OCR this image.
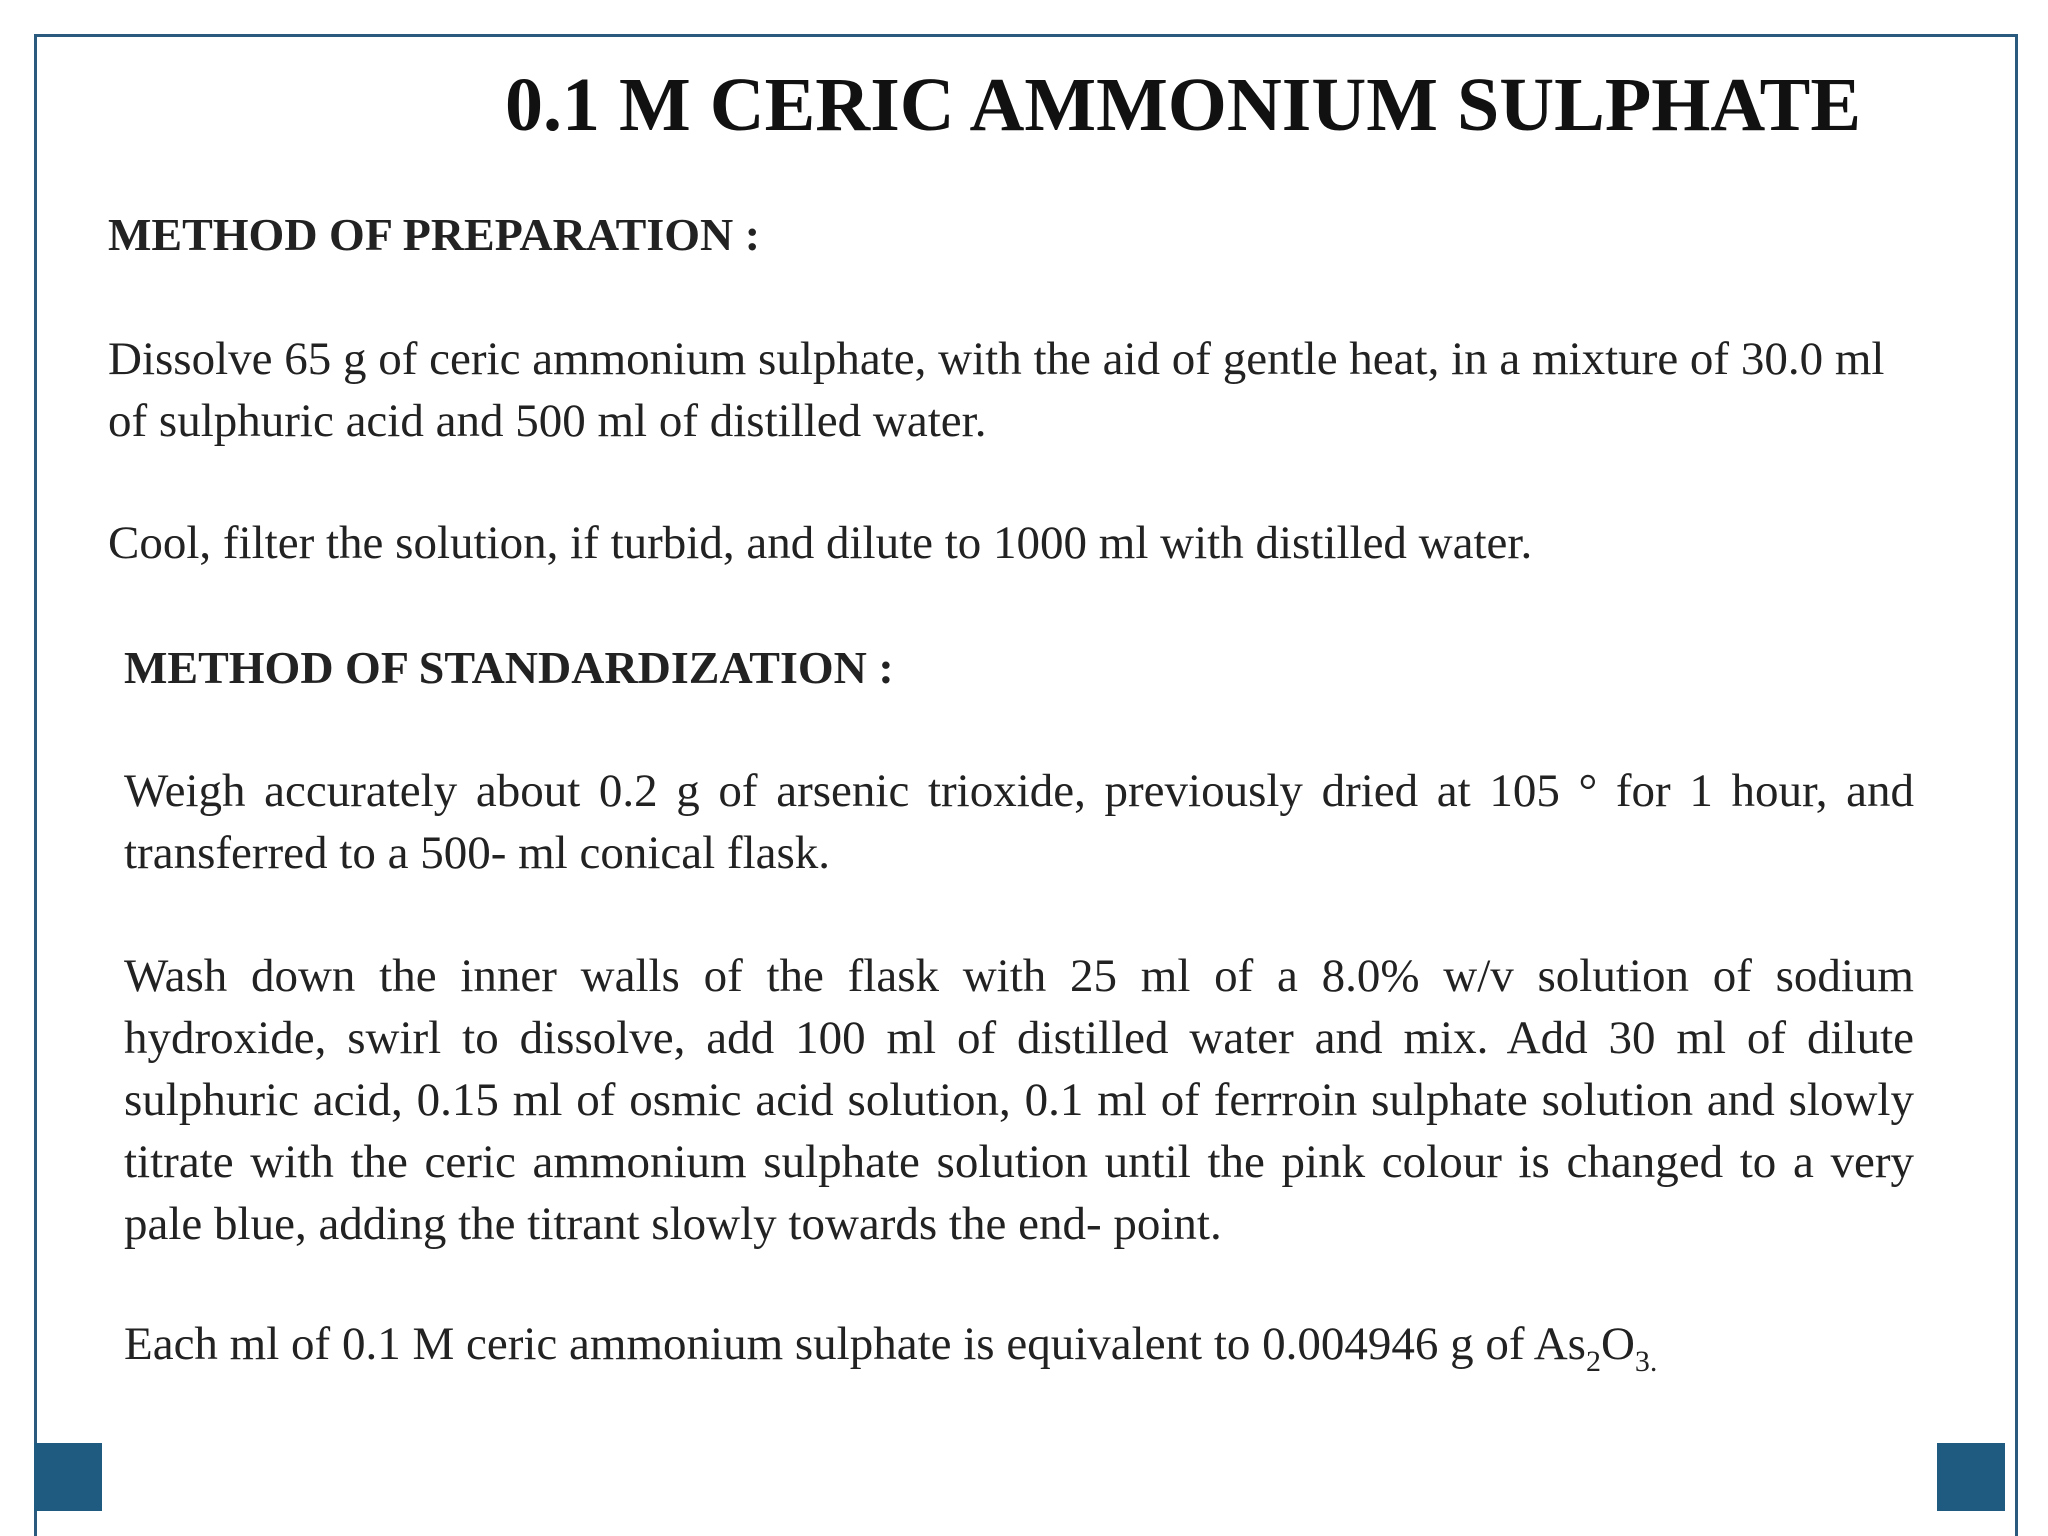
0.1 M CERIC AMMONIUM SULPHATE
METHOD OF PREPARATION :
Dissolve 65 g of ceric ammonium sulphate, with the aid of gentle heat, in a mixture of 30.0 ml of sulphuric acid and 500 ml of distilled water.
Cool, filter the solution, if turbid, and dilute to 1000 ml with distilled water.
METHOD OF STANDARDIZATION :
Weigh accurately about 0.2 g of arsenic trioxide, previously dried at 105 ° for 1 hour, and transferred to a 500- ml conical flask.
Wash down the inner walls of the flask with 25 ml of a 8.0% w/v solution of sodium hydroxide, swirl to dissolve, add 100 ml of distilled water and mix. Add 30 ml of dilute sulphuric acid, 0.15 ml of osmic acid solution, 0.1 ml of ferrroin sulphate solution and slowly titrate with the ceric ammonium sulphate solution until the pink colour is changed to a very pale blue, adding the titrant slowly towards the end- point.
Each ml of 0.1 M ceric ammonium sulphate is equivalent to 0.004946 g of $As_2O_{3.}$
